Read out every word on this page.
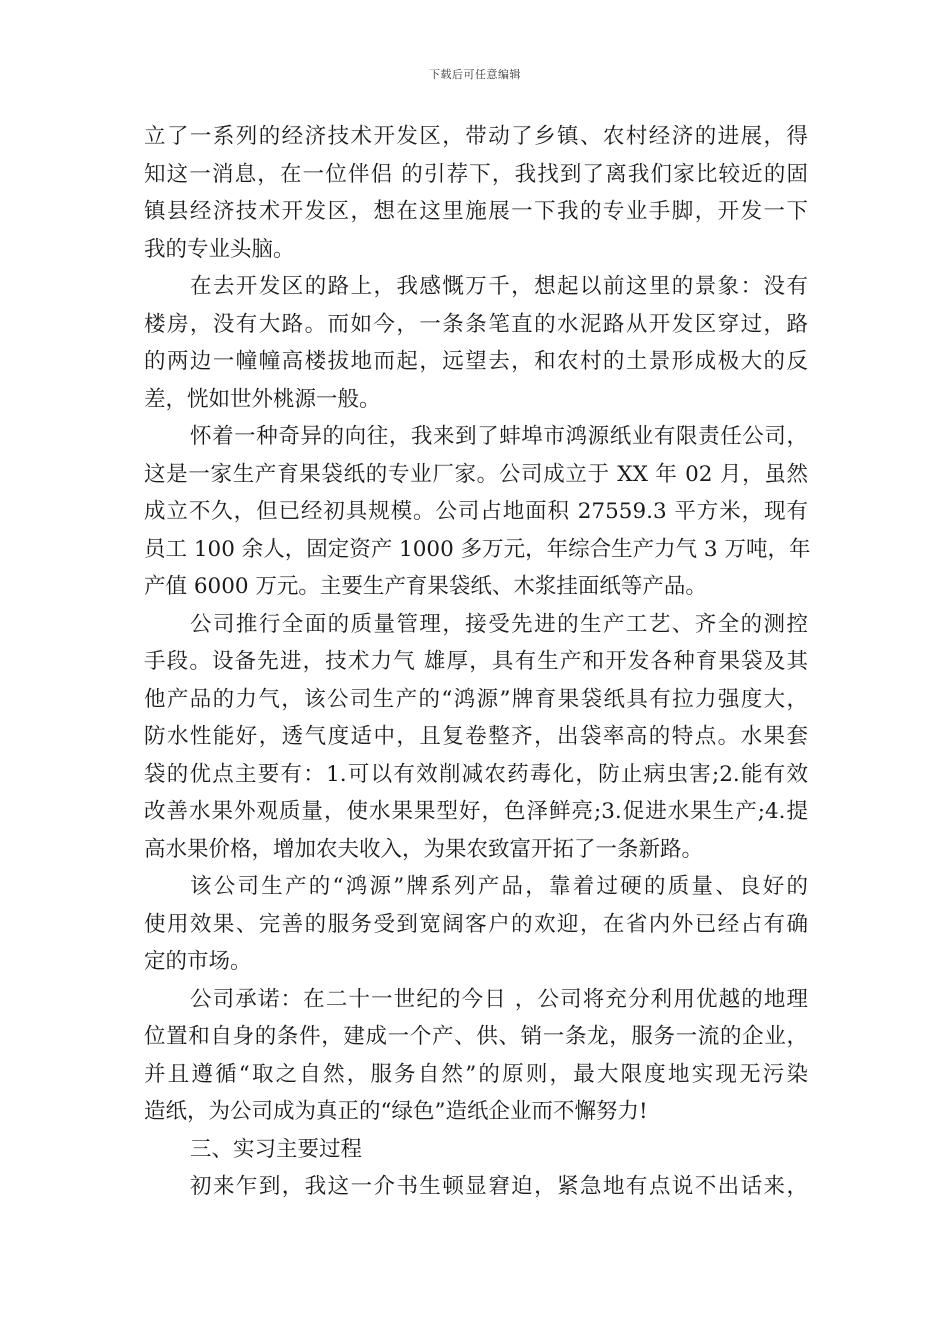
下载后可任意编辑
立了一系列的经济技术开发区，带动了乡镇、农村经济的进展，得
知这一消息，在一位伴侣 的引荐下，我找到了离我们家比较近的固
镇县经济技术开发区，想在这里施展一下我的专业手脚，开发一下
我的专业头脑。
在去开发区的路上，我感慨万千，想起以前这里的景象：没有
楼房，没有大路。而如今，一条条笔直的水泥路从开发区穿过，路
的两边一幢幢高楼拔地而起，远望去，和农村的土景形成极大的反
差，恍如世外桃源一般。
怀着一种奇异的向往，我来到了蚌埠市鸿源纸业有限责任公司，
这是一家生产育果袋纸的专业厂家。公司成立于 XX 年 02 月，虽然
成立不久，但已经初具规模。公司占地面积 27559.3 平方米，现有
员工 100 余人，固定资产 1000 多万元，年综合生产力气 3 万吨，年
产值 6000 万元。主要生产育果袋纸、木浆挂面纸等产品。
公司推行全面的质量管理，接受先进的生产工艺、齐全的测控
手段。设备先进，技术力气 雄厚，具有生产和开发各种育果袋及其
他产品的力气，该公司生产的“鸿源”牌育果袋纸具有拉力强度大，
防水性能好，透气度适中，且复卷整齐，出袋率高的特点。水果套
袋的优点主要有：1.可以有效削减农药毒化，防止病虫害;2.能有效
改善水果外观质量，使水果果型好，色泽鲜亮;3.促进水果生产;4.提
高水果价格，增加农夫收入，为果农致富开拓了一条新路。
该公司生产的“鸿源”牌系列产品，靠着过硬的质量、良好的
使用效果、完善的服务受到宽阔客户的欢迎，在省内外已经占有确
定的市场。
公司承诺：在二十一世纪的今日 ，公司将充分利用优越的地理
位置和自身的条件，建成一个产、供、销一条龙，服务一流的企业，
并且遵循“取之自然，服务自然”的原则，最大限度地实现无污染
造纸，为公司成为真正的“绿色”造纸企业而不懈努力!
三、实习主要过程
初来乍到，我这一介书生顿显窘迫，紧急地有点说不出话来，
